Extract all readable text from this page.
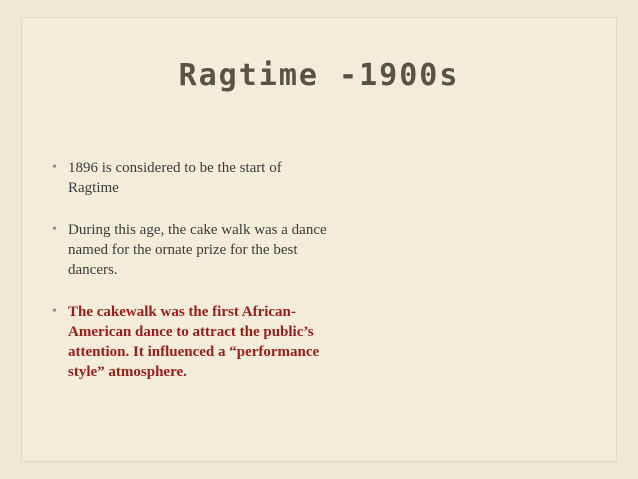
Ragtime -1900s
• 1896 is considered to be the start of Ragtime
• During this age, the cake walk was a dance named for the ornate prize for the best dancers.
• The cakewalk was the first African-American dance to attract the public’s attention. It influenced a “performance style” atmosphere.
